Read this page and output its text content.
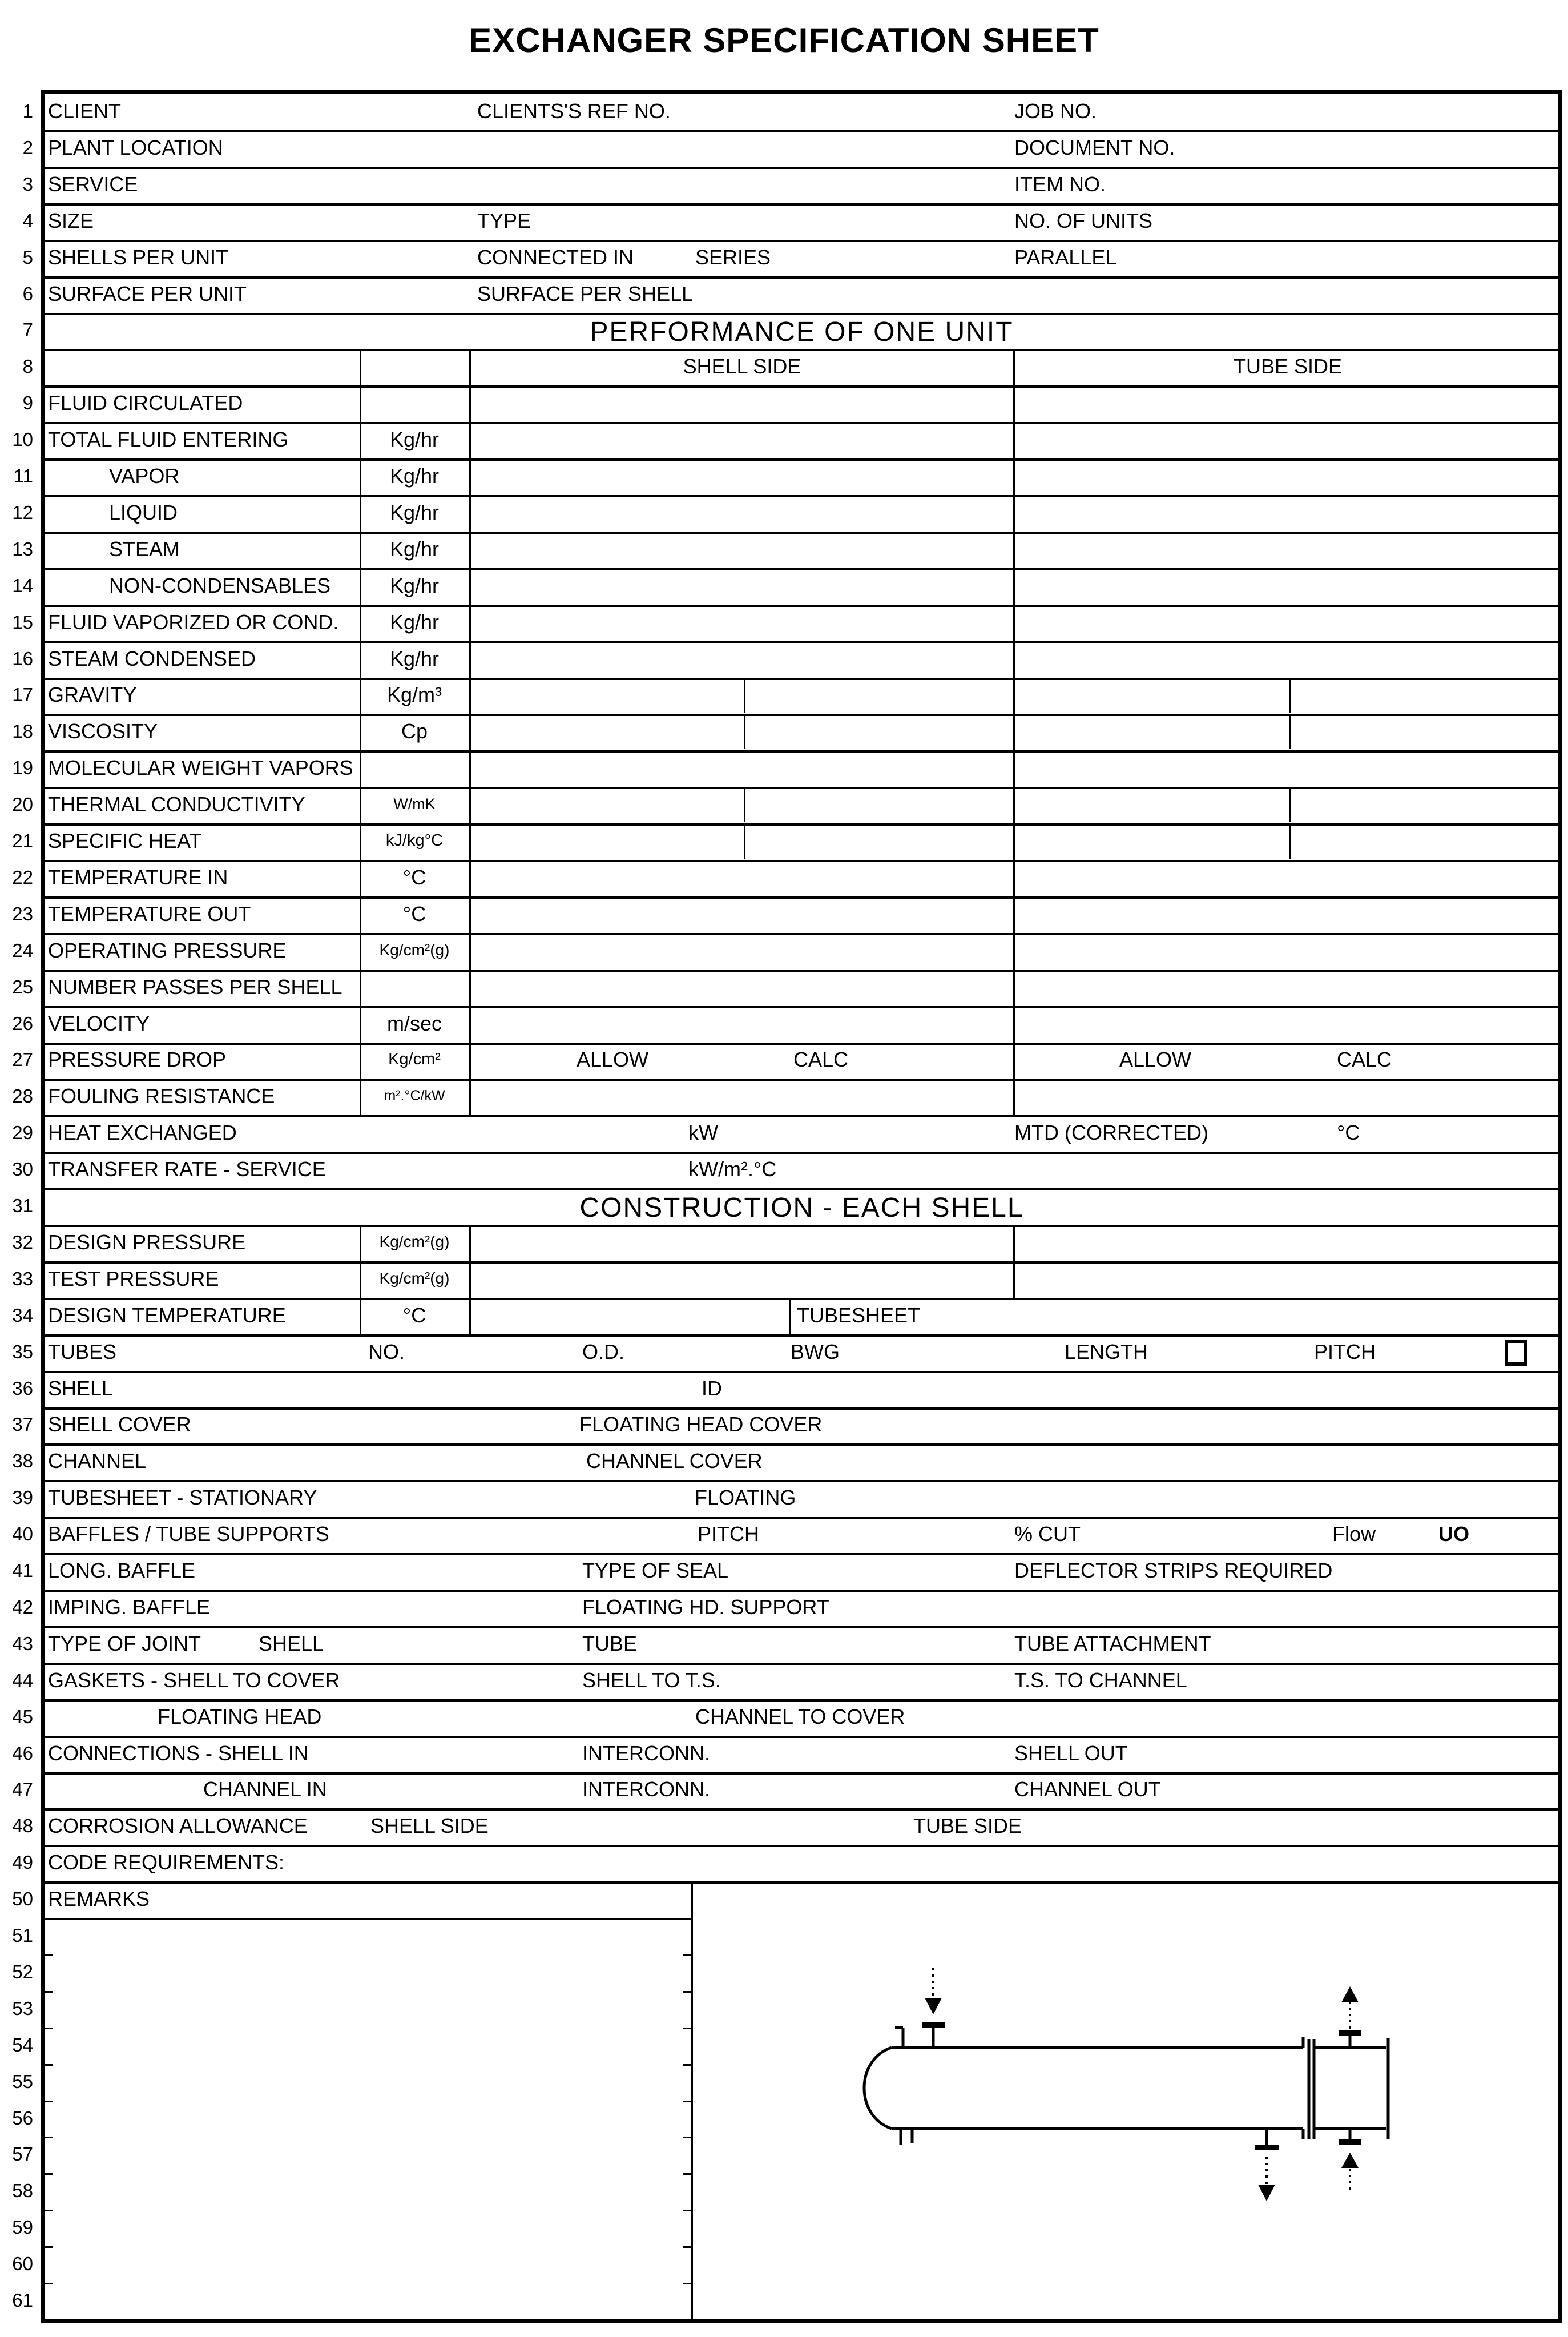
EXCHANGER SPECIFICATION SHEET
1
2
3
4
5
6
7
8
9
10
11
12
13
14
15
16
17
18
19
20
21
22
23
24
25
26
27
28
29
30
31
32
33
34
35
36
37
38
39
40
41
42
43
44
45
46
47
48
49
50
51
52
53
54
55
56
57
58
59
60
61
CLIENT	CLIENTS'S REF NO.	JOB NO.
PLANT LOCATION	DOCUMENT NO.
SERVICE	ITEM NO.
SIZE	TYPE	NO. OF UNITS
SHELLS PER UNIT	CONNECTED IN	SERIES	PARALLEL
SURFACE PER UNIT	SURFACE PER SHELL
PERFORMANCE OF ONE UNIT
SHELL SIDE	TUBE SIDE
FLUID CIRCULATED
TOTAL FLUID ENTERING	Kg/hr
VAPOR	Kg/hr
LIQUID	Kg/hr
STEAM	Kg/hr
NON-CONDENSABLES	Kg/hr
FLUID VAPORIZED OR COND. Kg/hr
STEAM CONDENSED	Kg/hr
GRAVITY	Kg/m³
VISCOSITY	Cp
MOLECULAR WEIGHT VAPORS
THERMAL CONDUCTIVITY	W/mK
SPECIFIC HEAT	kJ/kg°C
TEMPERATURE IN	°C
TEMPERATURE OUT	°C
OPERATING PRESSURE	Kg/cm²(g)
NUMBER PASSES PER SHELL
VELOCITY	m/sec
PRESSURE DROP	Kg/cm²	ALLOW	CALC	ALLOW	CALC
FOULING RESISTANCE	m².°C/kW
HEAT EXCHANGED	kW	MTD (CORRECTED)	°C
TRANSFER RATE - SERVICE	kW/m².°C
CONSTRUCTION - EACH SHELL
DESIGN PRESSURE	Kg/cm²(g)
TEST PRESSURE	Kg/cm²(g)
DESIGN TEMPERATURE	°C	TUBESHEET
TUBES	NO.	O.D.	BWG	LENGTH	PITCH
SHELL	ID
SHELL COVER	FLOATING HEAD COVER
CHANNEL	CHANNEL COVER
TUBESHEET - STATIONARY	FLOATING
BAFFLES / TUBE SUPPORTS	PITCH	% CUT	Flow	UO
LONG. BAFFLE	TYPE OF SEAL	DEFLECTOR STRIPS REQUIRED
IMPING. BAFFLE	FLOATING HD. SUPPORT
TYPE OF JOINT	SHELL	TUBE	TUBE ATTACHMENT
GASKETS - SHELL TO COVER	SHELL TO T.S.	T.S. TO CHANNEL
FLOATING HEAD	CHANNEL TO COVER
CONNECTIONS - SHELL IN	INTERCONN.	SHELL OUT
CHANNEL IN	INTERCONN.	CHANNEL OUT
CORROSION ALLOWANCE	SHELL SIDE	TUBE SIDE
CODE REQUIREMENTS:
REMARKS
